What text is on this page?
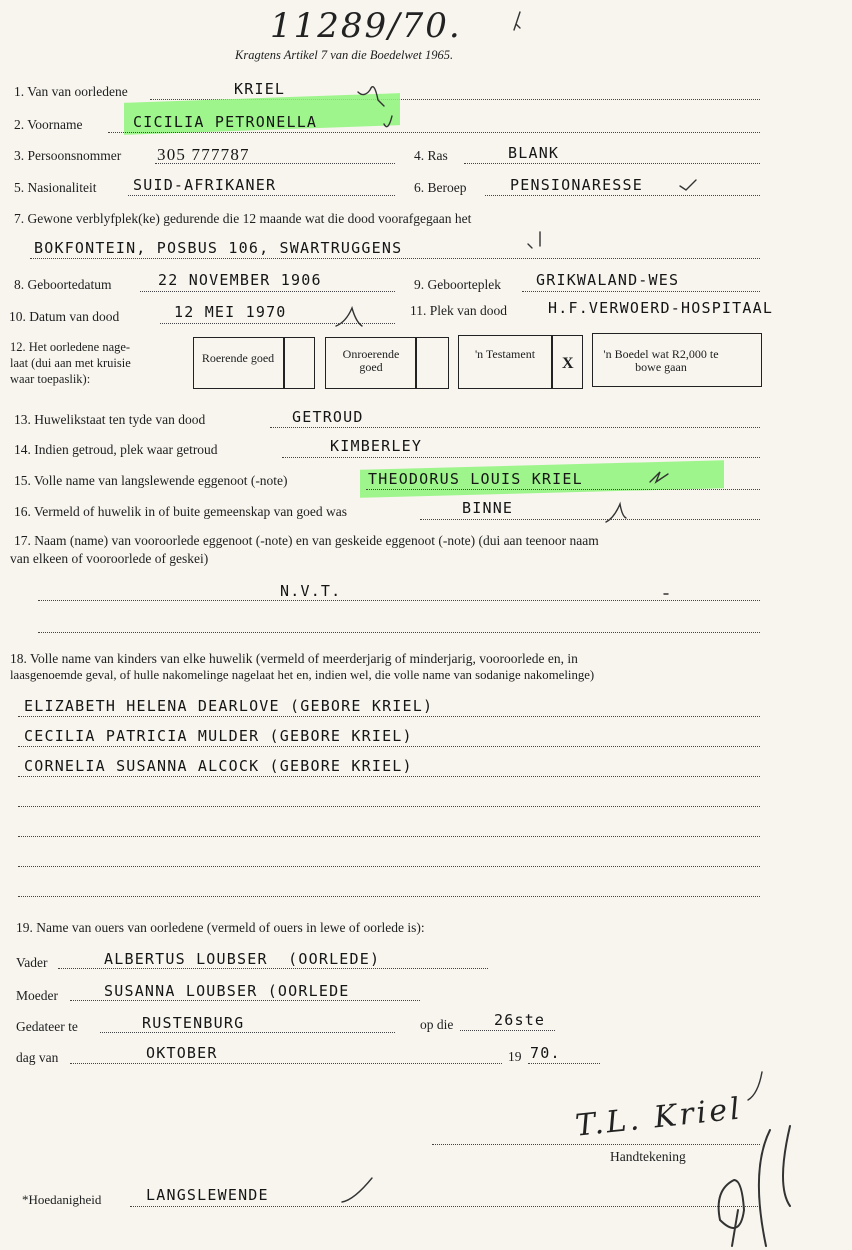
11289/70.
Kragtens Artikel 7 van die Boedelwet 1965.
1. Van van oorledene	KRIEL
2. Voorname	CICILIA PETRONELLA
3. Persoonsnommer 305 777787	4. Ras	BLANK
5. Nasionaliteit SUID-AFRIKANER	6. Beroep	PENSIONARESSE
7. Gewone verblyfplek(ke) gedurende die 12 maande wat die dood voorafgegaan het
BOKFONTEIN, POSBUS 106, SWARTRUGGENS
8. Geboortedatum	22 NOVEMBER 1906	9. Geboorteplek GRIKWALAND-WES
10. Datum van dood	12 MEI 1970	11. Plek van dood	H.F.VERWOERD-HOSPITAAL
12. Het oorledene nage-
laat (dui aan met kruisie
waar toepaslik):
Roerende goed	Onroerende goed
'n Testament
X
'n Boedel wat R2,000 te bowe gaan
13. Huwelikstaat ten tyde van dood	GETROUD
14. Indien getroud, plek waar getroud	KIMBERLEY
15. Volle name van langslewende eggenoot (-note)	THEODORUS LOUIS KRIEL
16. Vermeld of huwelik in of buite gemeenskap van goed was	BINNE
17. Naam (name) van vooroorlede eggenoot (-note) en van geskeide eggenoot (-note) (dui aan teenoor naam
van elkeen of vooroorlede of geskei)
N.V.T.
18. Volle name van kinders van elke huwelik (vermeld of meerderjarig of minderjarig, vooroorlede en, in
laasgenoemde geval, of hulle nakomelinge nagelaat het en, indien wel, die volle name van sodanige nakomelinge)
ELIZABETH HELENA DEARLOVE (GEBORE KRIEL)
CECILIA PATRICIA MULDER (GEBORE KRIEL)
CORNELIA SUSANNA ALCOCK (GEBORE KRIEL)
19. Name van ouers van oorledene (vermeld of ouers in lewe of oorlede is):
Vader	ALBERTUS LOUBSER  (OORLEDE)
Moeder	SUSANNA LOUBSER (OORLEDE
Gedateer te	RUSTENBURG	op die	26ste
dag van	OKTOBER	19 70.
T.L. Kriel
Handtekening
*Hoedanigheid	LANGSLEWENDE
